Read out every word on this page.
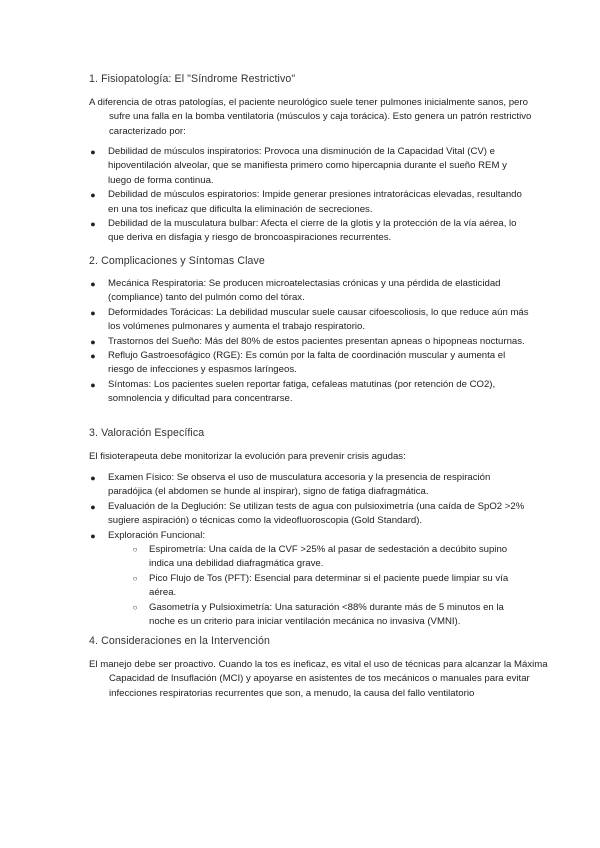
1. Fisiopatología: El "Síndrome Restrictivo"
A diferencia de otras patologías, el paciente neurológico suele tener pulmones inicialmente sanos, pero sufre una falla en la bomba ventilatoria (músculos y caja torácica). Esto genera un patrón restrictivo caracterizado por:
● Debilidad de músculos inspiratorios: Provoca una disminución de la Capacidad Vital (CV) e hipoventilación alveolar, que se manifiesta primero como hipercapnia durante el sueño REM y luego de forma continua.
● Debilidad de músculos espiratorios: Impide generar presiones intratorácicas elevadas, resultando en una tos ineficaz que dificulta la eliminación de secreciones.
● Debilidad de la musculatura bulbar: Afecta el cierre de la glotis y la protección de la vía aérea, lo que deriva en disfagia y riesgo de broncoaspiraciones recurrentes.
2. Complicaciones y Síntomas Clave
● Mecánica Respiratoria: Se producen microatelectasias crónicas y una pérdida de elasticidad (compliance) tanto del pulmón como del tórax.
● Deformidades Torácicas: La debilidad muscular suele causar cifoescoliosis, lo que reduce aún más los volúmenes pulmonares y aumenta el trabajo respiratorio.
● Trastornos del Sueño: Más del 80% de estos pacientes presentan apneas o hipopneas nocturnas.
● Reflujo Gastroesofágico (RGE): Es común por la falta de coordinación muscular y aumenta el riesgo de infecciones y espasmos laríngeos.
● Síntomas: Los pacientes suelen reportar fatiga, cefaleas matutinas (por retención de CO2), somnolencia y dificultad para concentrarse.
3. Valoración Específica
El fisioterapeuta debe monitorizar la evolución para prevenir crisis agudas:
● Examen Físico: Se observa el uso de musculatura accesoria y la presencia de respiración paradójica (el abdomen se hunde al inspirar), signo de fatiga diafragmática.
● Evaluación de la Deglución: Se utilizan tests de agua con pulsioximetría (una caída de SpO2 >2% sugiere aspiración) o técnicas como la videofluoroscopia (Gold Standard).
● Exploración Funcional:
○ Espirometría: Una caída de la CVF >25% al pasar de sedestación a decúbito supino indica una debilidad diafragmática grave.
○ Pico Flujo de Tos (PFT): Esencial para determinar si el paciente puede limpiar su vía aérea.
○ Gasometría y Pulsioximetría: Una saturación <88% durante más de 5 minutos en la noche es un criterio para iniciar ventilación mecánica no invasiva (VMNI).
4. Consideraciones en la Intervención
El manejo debe ser proactivo. Cuando la tos es ineficaz, es vital el uso de técnicas para alcanzar la Máxima Capacidad de Insuflación (MCI) y apoyarse en asistentes de tos mecánicos o manuales para evitar infecciones respiratorias recurrentes que son, a menudo, la causa del fallo ventilatorio
